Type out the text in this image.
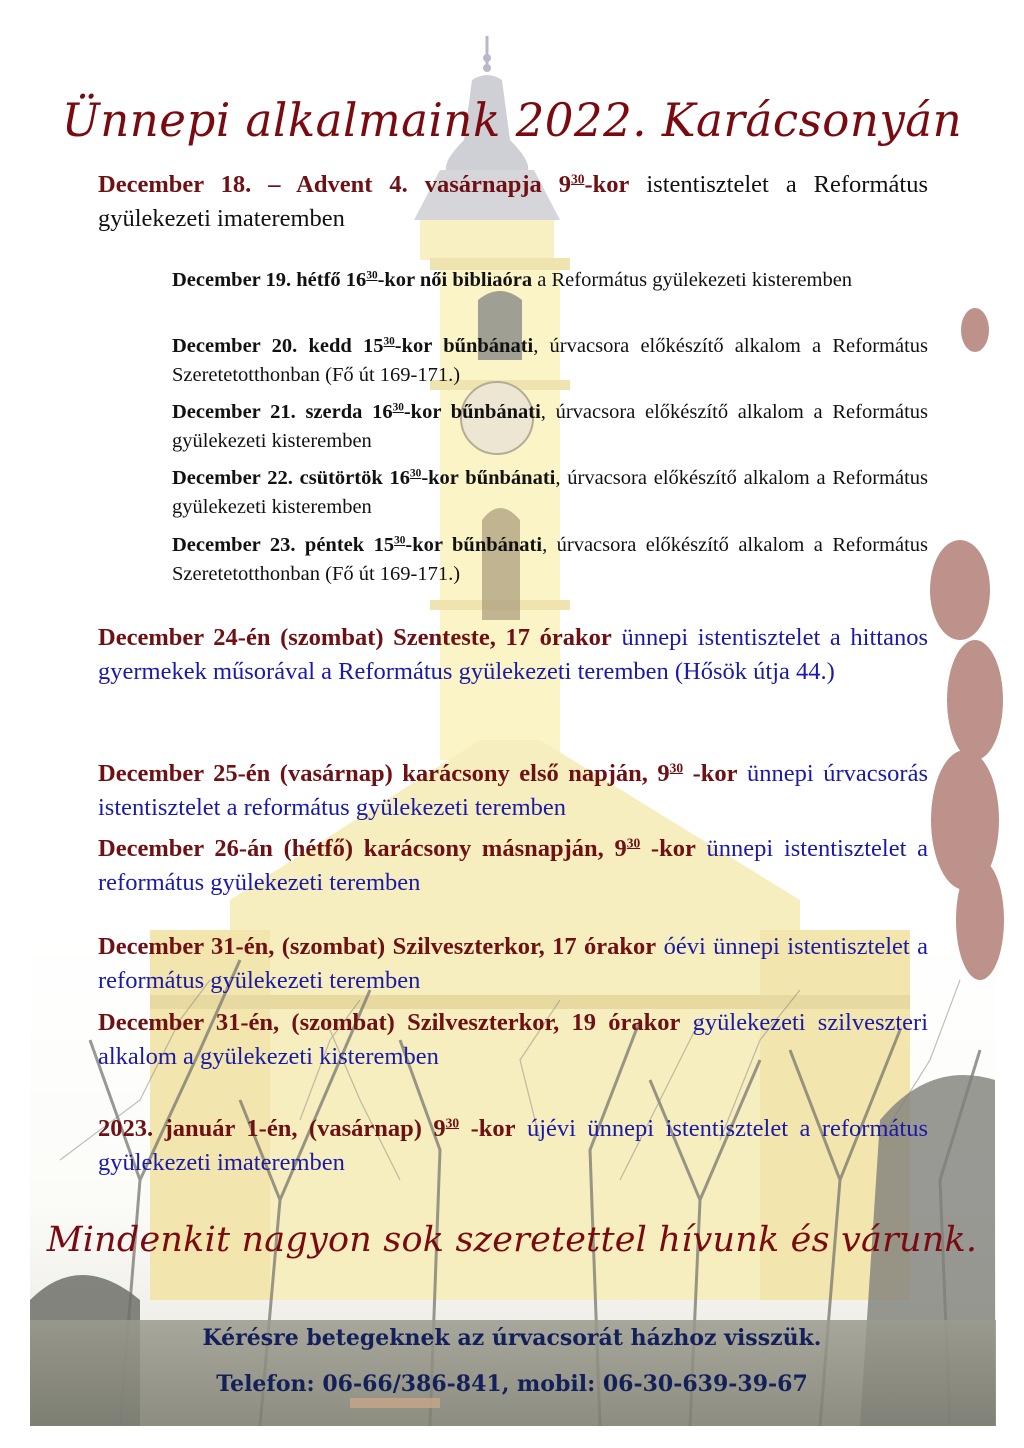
Ünnepi alkalmaink 2022. Karácsonyán
December 18. – Advent 4. vasárnapja $9^{30}$-kor istentisztelet a Református gyülekezeti imateremben
December 19. hétfő $16^{30}$-kor női bibliaóra a Református gyülekezeti kisteremben
December 20. kedd $15^{30}$-kor bűnbánati, úrvacsora előkészítő alkalom a Református Szeretetotthonban (Fő út 169-171.)
December 21. szerda $16^{30}$-kor bűnbánati, úrvacsora előkészítő alkalom a Református gyülekezeti kisteremben
December 22. csütörtök $16^{30}$-kor bűnbánati, úrvacsora előkészítő alkalom a Református gyülekezeti kisteremben
December 23. péntek $15^{30}$-kor bűnbánati, úrvacsora előkészítő alkalom a Református Szeretetotthonban (Fő út 169-171.)
December 24-én (szombat) Szenteste, 17 órakor ünnepi istentisztelet a hittanos gyermekek műsorával a Református gyülekezeti teremben (Hősök útja 44.)
December 25-én (vasárnap) karácsony első napján, $9^{30}$ -kor ünnepi úrvacsorás istentisztelet a református gyülekezeti teremben
December 26-án (hétfő) karácsony másnapján, $9^{30}$ -kor ünnepi istentisztelet a református gyülekezeti teremben
December 31-én, (szombat) Szilveszterkor, 17 órakor óévi ünnepi istentisztelet a református gyülekezeti teremben
December 31-én, (szombat) Szilveszterkor, 19 órakor gyülekezeti szilveszteri alkalom a gyülekezeti kisteremben
2023. január 1-én, (vasárnap) $9^{30}$ -kor újévi ünnepi istentisztelet a református gyülekezeti imateremben
Mindenkit nagyon sok szeretettel hívunk és várunk.
Kérésre betegeknek az úrvacsorát házhoz visszük.
Telefon: 06-66/386-841, mobil: 06-30-639-39-67
